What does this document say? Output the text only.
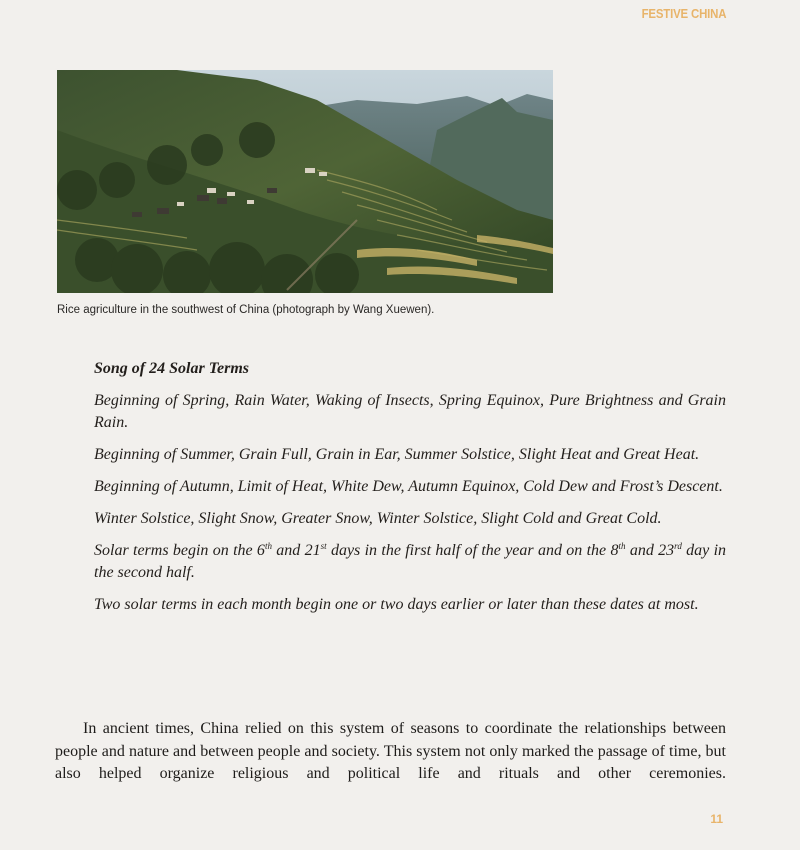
FESTIVE CHINA
Rice agriculture in the southwest of China (photograph by Wang Xuewen).
Song of 24 Solar Terms

Beginning of Spring, Rain Water, Waking of Insects, Spring Equinox, Pure Brightness and Grain Rain.

Beginning of Summer, Grain Full, Grain in Ear, Summer Solstice, Slight Heat and Great Heat.

Beginning of Autumn, Limit of Heat, White Dew, Autumn Equinox, Cold Dew and Frost’s Descent.

Winter Solstice, Slight Snow, Greater Snow, Winter Solstice, Slight Cold and Great Cold.

Solar terms begin on the 6th and 21st days in the first half of the year and on the 8th and 23rd day in the second half.

Two solar terms in each month begin one or two days earlier or later than these dates at most.

In ancient times, China relied on this system of seasons to coordinate the relationships between people and nature and between people and society. This system not only marked the passage of time, but also helped organize religious and political life and rituals and other ceremonies.
11
